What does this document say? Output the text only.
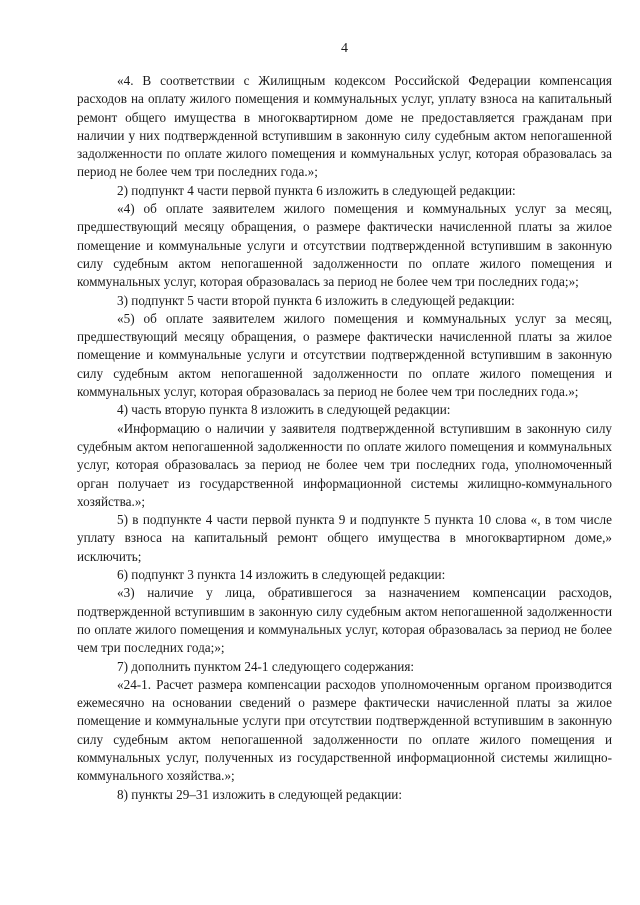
4

«4. В соответствии с Жилищным кодексом Российской Федерации компенсация расходов на оплату жилого помещения и коммунальных услуг, уплату взноса на капитальный ремонт общего имущества в многоквартирном доме не предоставляется гражданам при наличии у них подтвержденной вступившим в законную силу судебным актом непогашенной задолженности по оплате жилого помещения и коммунальных услуг, которая образовалась за период не более чем три последних года.»;

2) подпункт 4 части первой пункта 6 изложить в следующей редакции:

«4) об оплате заявителем жилого помещения и коммунальных услуг за месяц, предшествующий месяцу обращения, о размере фактически начисленной платы за жилое помещение и коммунальные услуги и отсутствии подтвержденной вступившим в законную силу судебным актом непогашенной задолженности по оплате жилого помещения и коммунальных услуг, которая образовалась за период не более чем три последних года;»;

3) подпункт 5 части второй пункта 6 изложить в следующей редакции:

«5) об оплате заявителем жилого помещения и коммунальных услуг за месяц, предшествующий месяцу обращения, о размере фактически начисленной платы за жилое помещение и коммунальные услуги и отсутствии подтвержденной вступившим в законную силу судебным актом непогашенной задолженности по оплате жилого помещения и коммунальных услуг, которая образовалась за период не более чем три последних года.»;

4) часть вторую пункта 8 изложить в следующей редакции:

«Информацию о наличии у заявителя подтвержденной вступившим в законную силу судебным актом непогашенной задолженности по оплате жилого помещения и коммунальных услуг, которая образовалась за период не более чем три последних года, уполномоченный орган получает из государственной информационной системы жилищно-коммунального хозяйства.»;

5) в подпункте 4 части первой пункта 9 и подпункте 5 пункта 10 слова «, в том числе уплату взноса на капитальный ремонт общего имущества в многоквартирном доме,» исключить;

6) подпункт 3 пункта 14 изложить в следующей редакции:

«3) наличие у лица, обратившегося за назначением компенсации расходов, подтвержденной вступившим в законную силу судебным актом непогашенной задолженности по оплате жилого помещения и коммунальных услуг, которая образовалась за период не более чем три последних года;»;

7) дополнить пунктом 24-1 следующего содержания:

«24-1. Расчет размера компенсации расходов уполномоченным органом производится ежемесячно на основании сведений о размере фактически начисленной платы за жилое помещение и коммунальные услуги при отсутствии подтвержденной вступившим в законную силу судебным актом непогашенной задолженности по оплате жилого помещения и коммунальных услуг, полученных из государственной информационной системы жилищно-коммунального хозяйства.»;

8) пункты 29–31 изложить в следующей редакции:
